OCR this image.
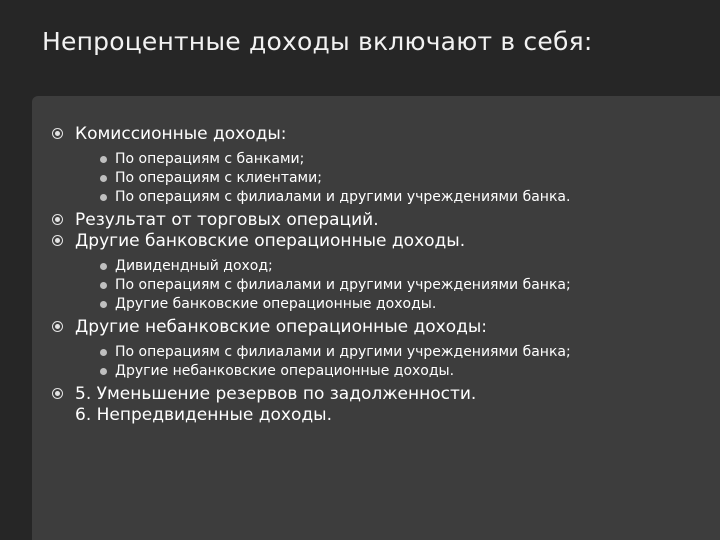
Непроцентные доходы включают в себя:
Комиссионные доходы:
По операциям с банками;
По операциям с клиентами;
По операциям с филиалами и другими учреждениями банка.
Результат от торговых операций.
Другие банковские операционные доходы.
Дивидендный доход;
По операциям с филиалами и другими учреждениями банка;
Другие банковские операционные доходы.
Другие небанковские операционные доходы:
По операциям с филиалами и другими учреждениями банка;
Другие небанковские операционные доходы.
5. Уменьшение резервов по задолженности.
6. Непредвиденные доходы.
